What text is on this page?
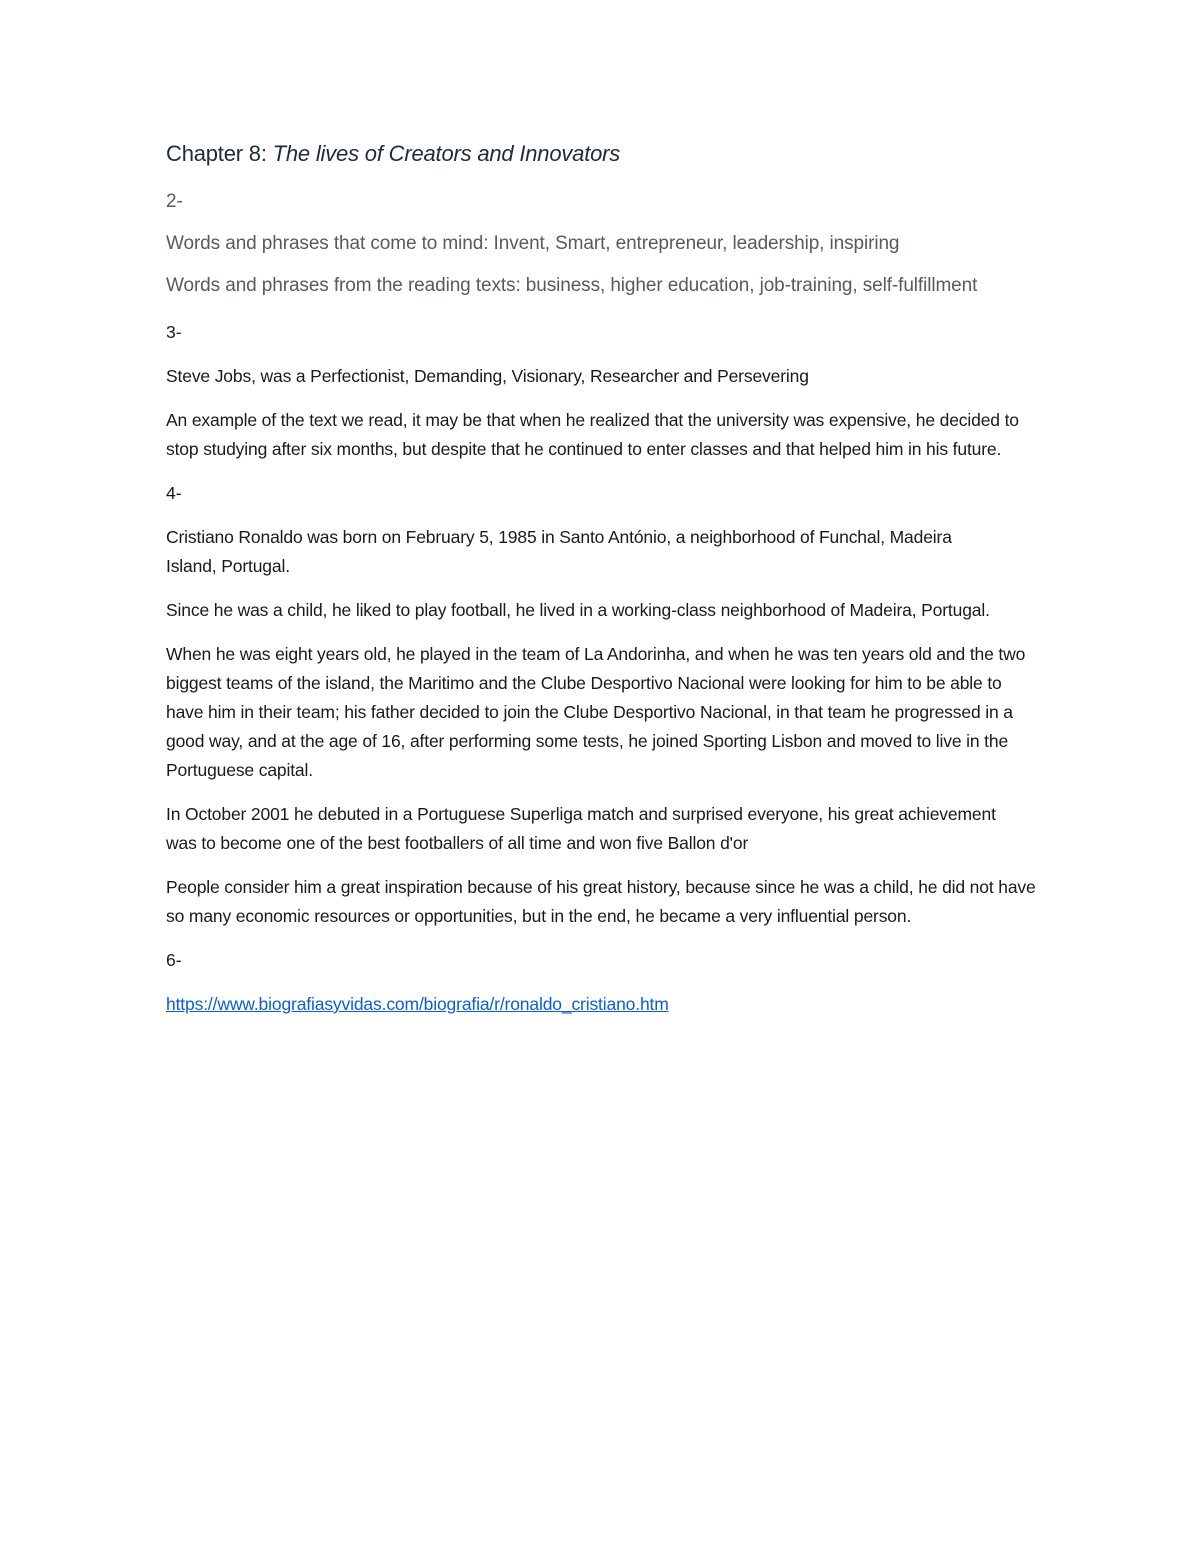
Chapter 8: The lives of Creators and Innovators

2-

Words and phrases that come to mind: Invent, Smart, entrepreneur, leadership, inspiring

Words and phrases from the reading texts: business, higher education, job-training, self-fulfillment

3-

Steve Jobs, was a Perfectionist, Demanding, Visionary, Researcher and Persevering

An example of the text we read, it may be that when he realized that the university was expensive, he decided to stop studying after six months, but despite that he continued to enter classes and that helped him in his future.

4-

Cristiano Ronaldo was born on February 5, 1985 in Santo António, a neighborhood of Funchal, Madeira Island, Portugal.

Since he was a child, he liked to play football, he lived in a working-class neighborhood of Madeira, Portugal.

When he was eight years old, he played in the team of La Andorinha, and when he was ten years old and the two biggest teams of the island, the Maritimo and the Clube Desportivo Nacional were looking for him to be able to have him in their team; his father decided to join the Clube Desportivo Nacional, in that team he progressed in a good way, and at the age of 16, after performing some tests, he joined Sporting Lisbon and moved to live in the Portuguese capital.

In October 2001 he debuted in a Portuguese Superliga match and surprised everyone, his great achievement was to become one of the best footballers of all time and won five Ballon d'or

People consider him a great inspiration because of his great history, because since he was a child, he did not have so many economic resources or opportunities, but in the end, he became a very influential person.

6-

https://www.biografiasyvidas.com/biografia/r/ronaldo_cristiano.htm
